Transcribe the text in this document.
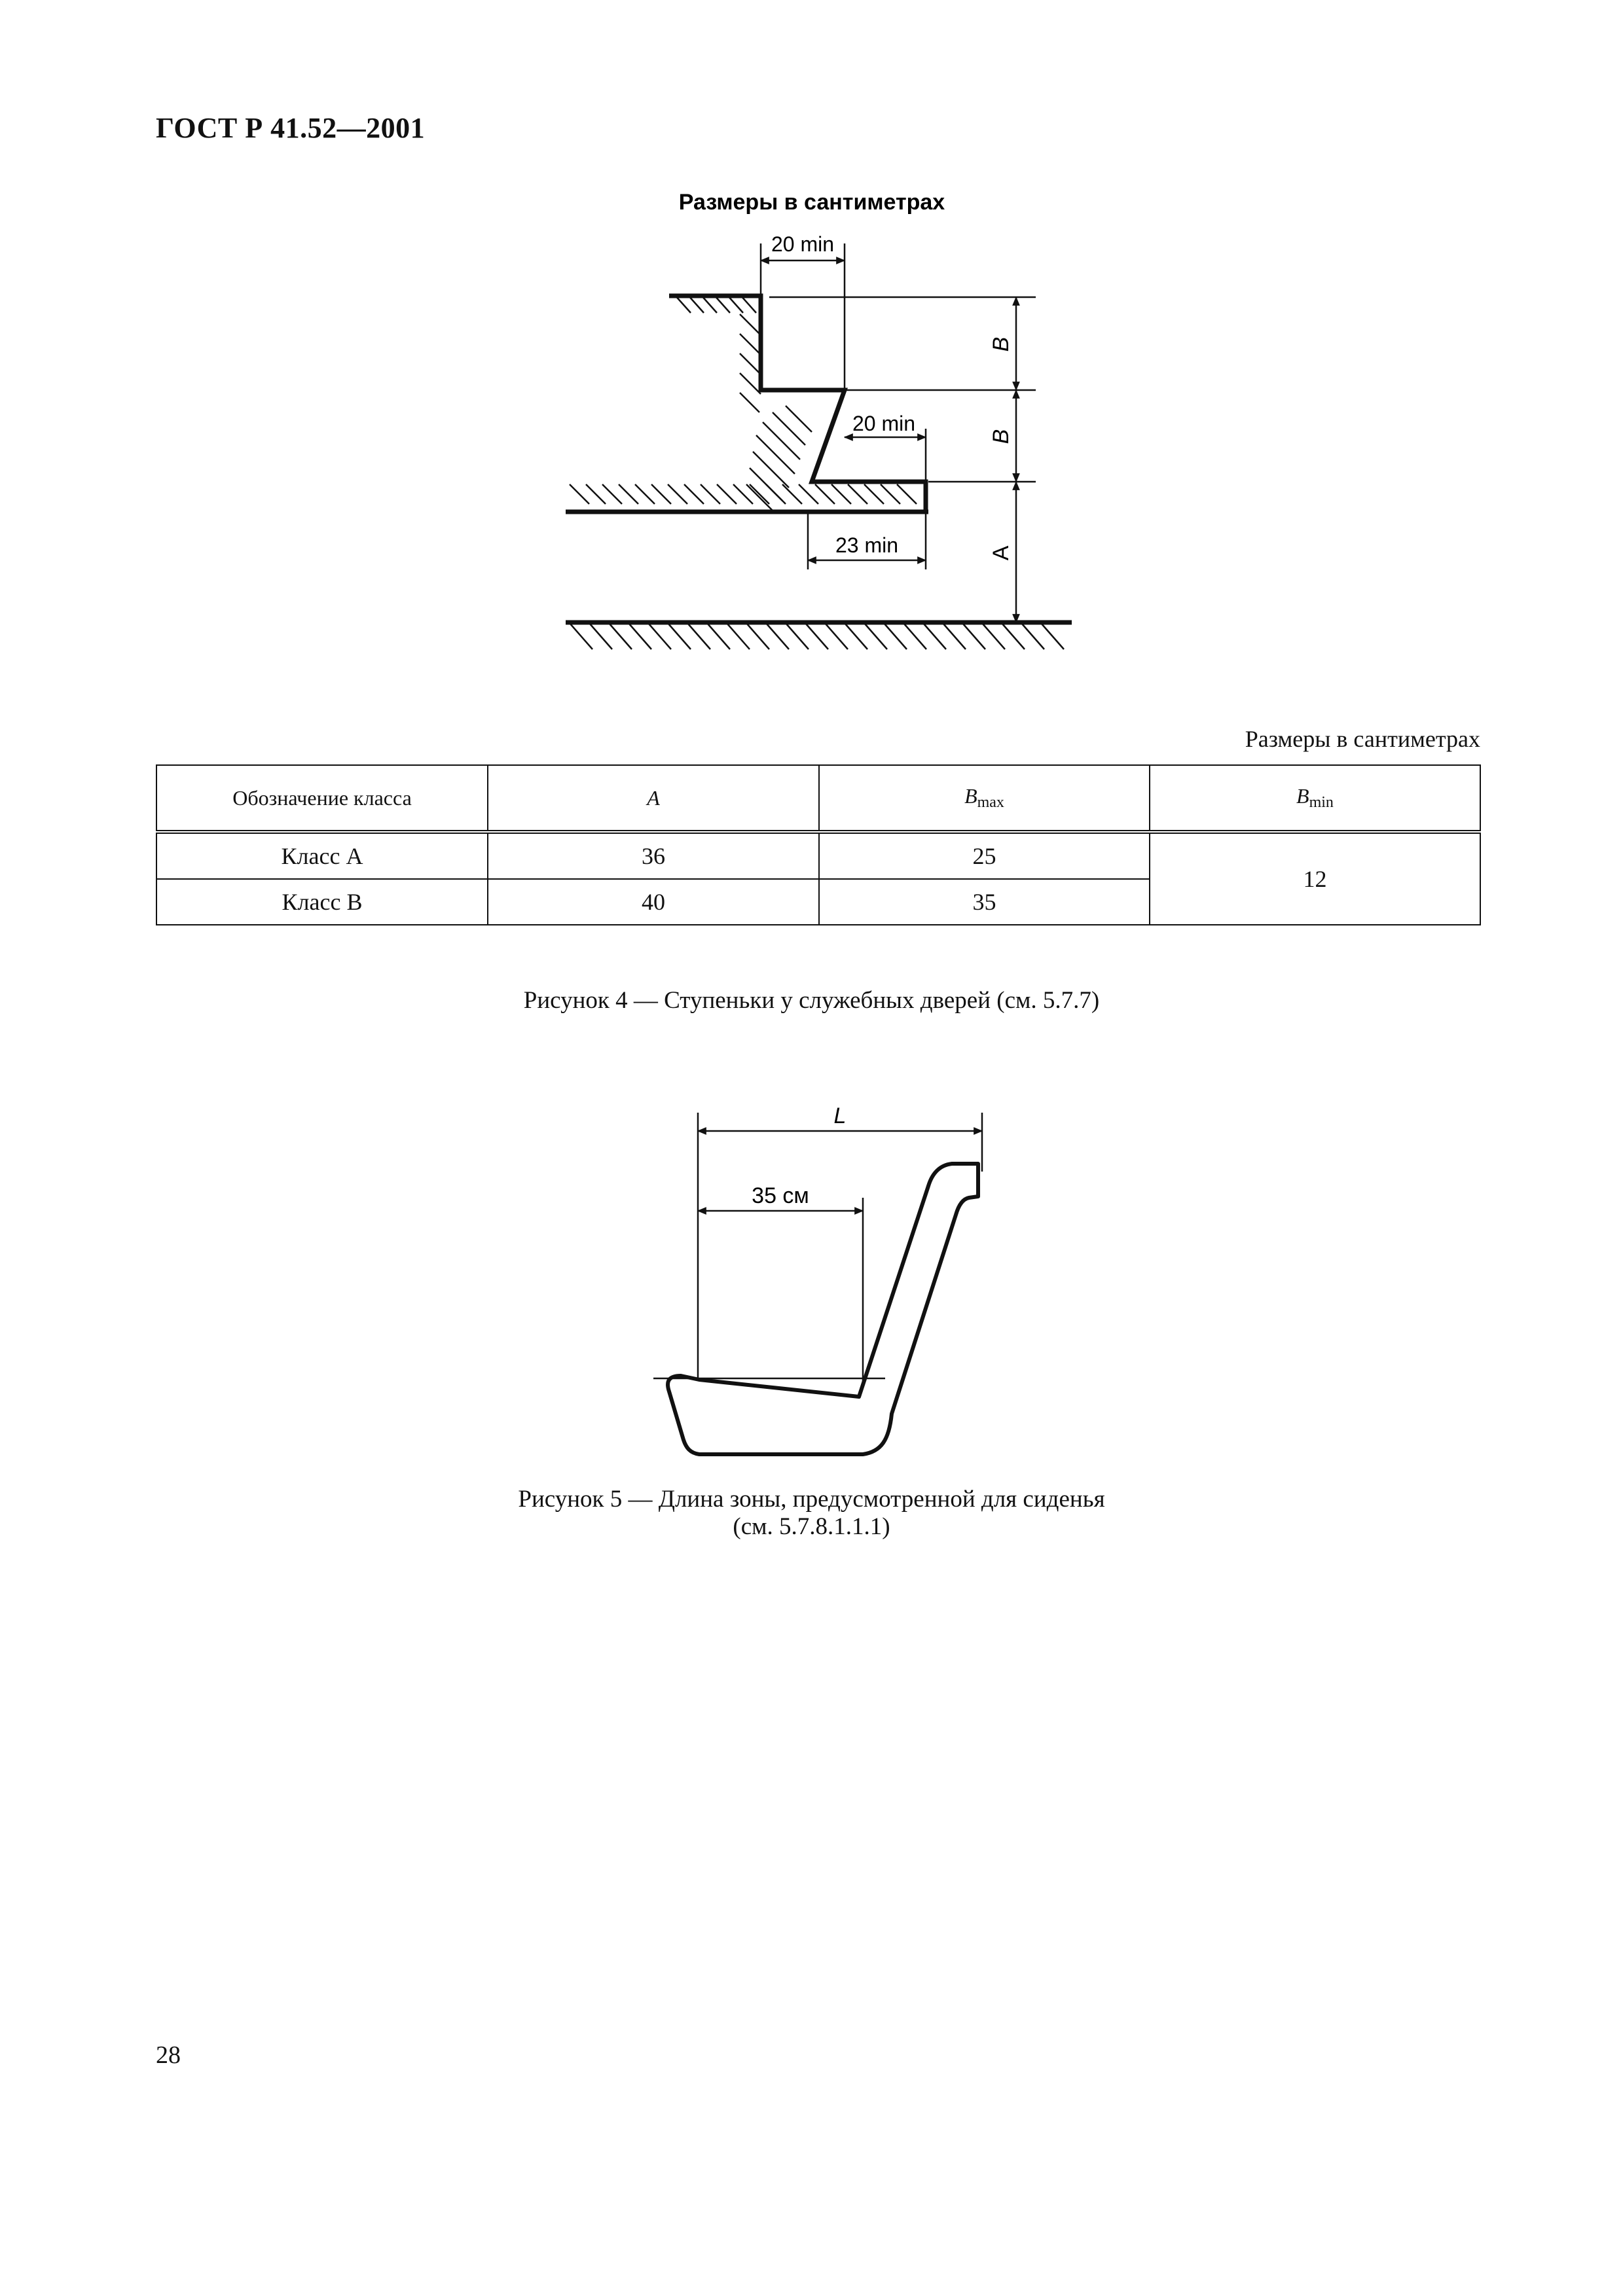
ГОСТ Р 41.52—2001
Размеры в сантиметрах
20 min
20 min
23 min
B
B
A
Размеры в сантиметрах
Обозначение класса	A	$B_{max}$	$B_{min}$
Класс А	36	25	12
Класс В	40	35	
Рисунок 4 — Ступеньки у служебных дверей (см. 5.7.7)
L
35 см
Рисунок 5 — Длина зоны, предусмотренной для сиденья
(см. 5.7.8.1.1.1)
28
